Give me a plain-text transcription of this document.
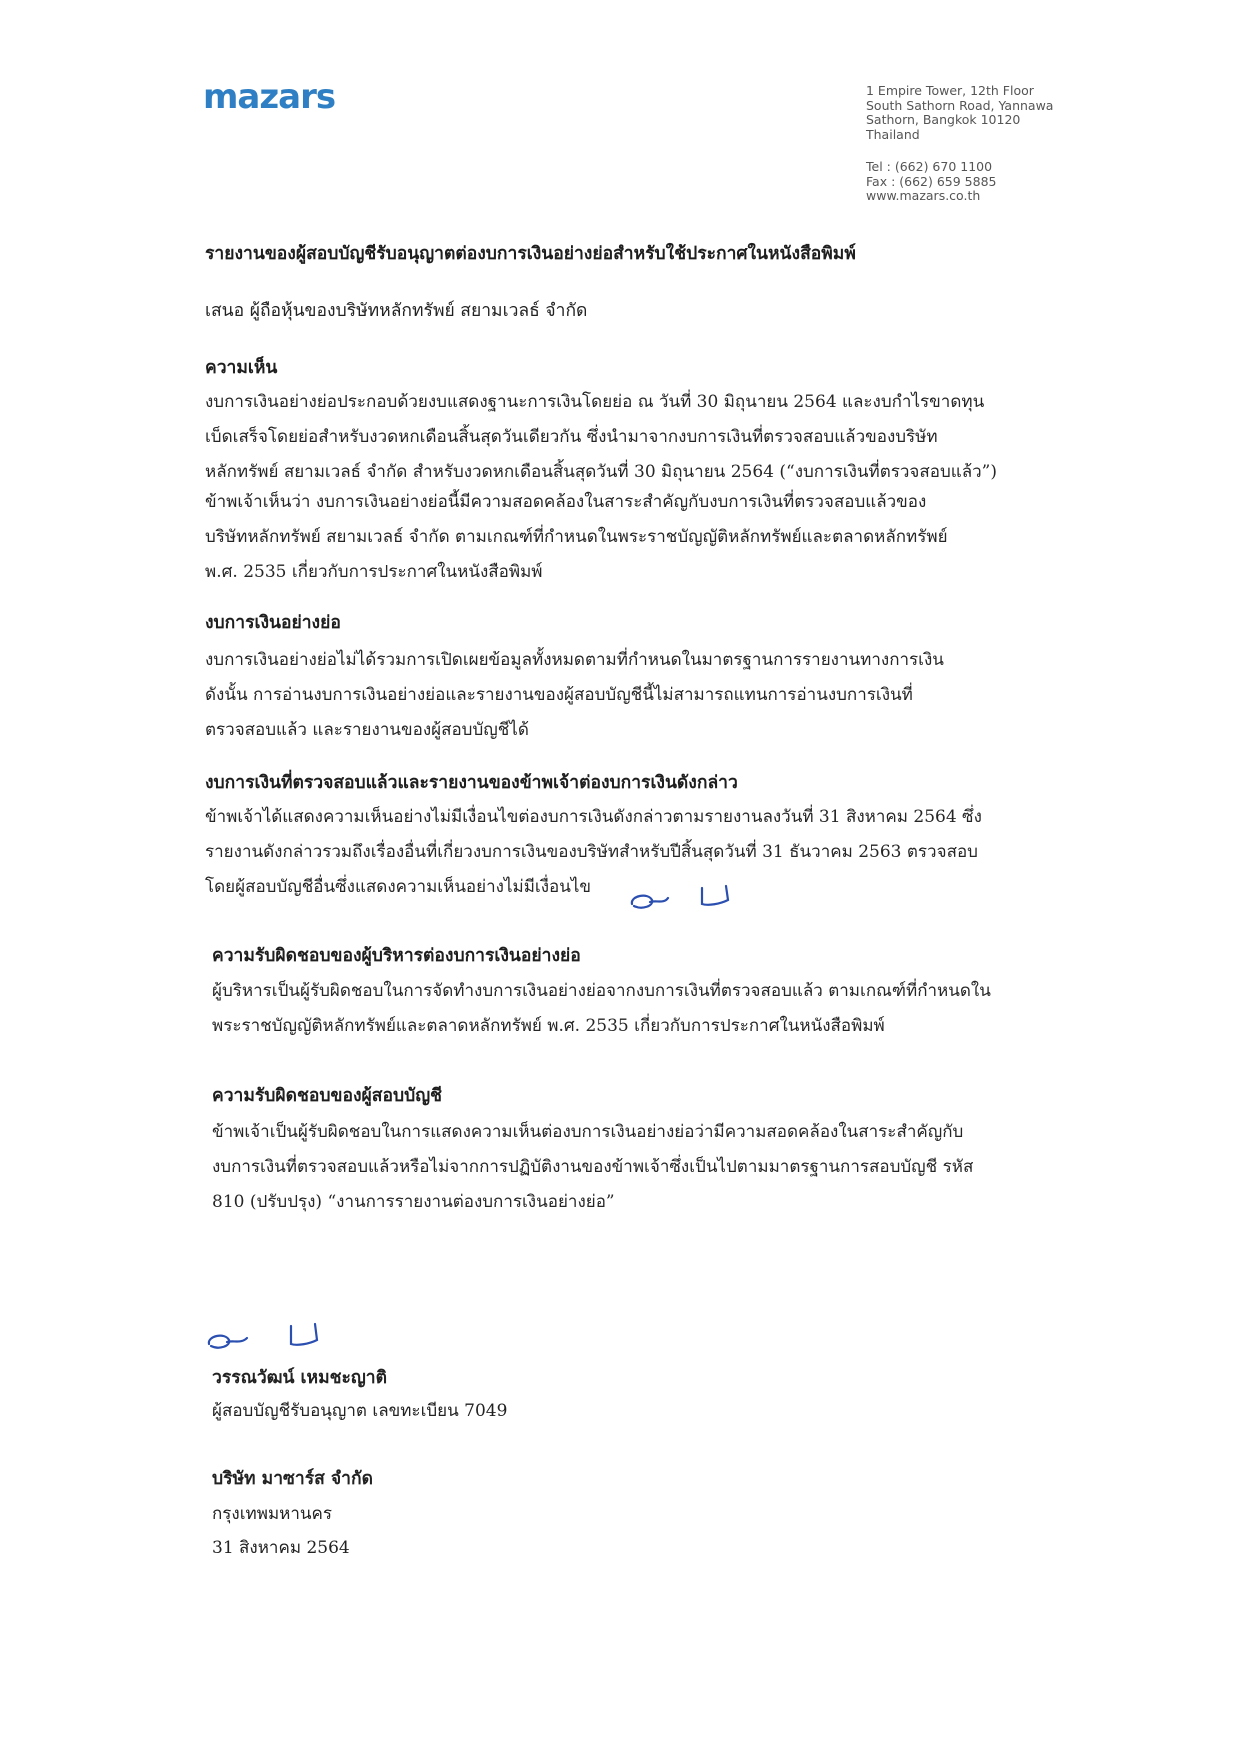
mazars	1 Empire Tower, 12th Floor
South Sathorn Road, Yannawa
Sathorn, Bangkok 10120
Thailand
Tel : (662) 670 1100
Fax : (662) 659 5885
www.mazars.co.th
รายงานของผู้สอบบัญชีรับอนุญาตต่องบการเงินอย่างย่อสำหรับใช้ประกาศในหนังสือพิมพ์
เสนอ ผู้ถือหุ้นของบริษัทหลักทรัพย์ สยามเวลธ์ จำกัด
ความเห็น
งบการเงินอย่างย่อประกอบด้วยงบแสดงฐานะการเงินโดยย่อ ณ วันที่ 30 มิถุนายน 2564 และงบกำไรขาดทุน
เบ็ดเสร็จโดยย่อสำหรับงวดหกเดือนสิ้นสุดวันเดียวกัน ซึ่งนำมาจากงบการเงินที่ตรวจสอบแล้วของบริษัท
หลักทรัพย์ สยามเวลธ์ จำกัด สำหรับงวดหกเดือนสิ้นสุดวันที่ 30 มิถุนายน 2564 (“งบการเงินที่ตรวจสอบแล้ว”)
ข้าพเจ้าเห็นว่า งบการเงินอย่างย่อนี้มีความสอดคล้องในสาระสำคัญกับงบการเงินที่ตรวจสอบแล้วของ
บริษัทหลักทรัพย์ สยามเวลธ์ จำกัด ตามเกณฑ์ที่กำหนดในพระราชบัญญัติหลักทรัพย์และตลาดหลักทรัพย์
พ.ศ. 2535 เกี่ยวกับการประกาศในหนังสือพิมพ์
งบการเงินอย่างย่อ
งบการเงินอย่างย่อไม่ได้รวมการเปิดเผยข้อมูลทั้งหมดตามที่กำหนดในมาตรฐานการรายงานทางการเงิน
ดังนั้น การอ่านงบการเงินอย่างย่อและรายงานของผู้สอบบัญชีนี้ไม่สามารถแทนการอ่านงบการเงินที่
ตรวจสอบแล้ว และรายงานของผู้สอบบัญชีได้
งบการเงินที่ตรวจสอบแล้วและรายงานของข้าพเจ้าต่องบการเงินดังกล่าว
ข้าพเจ้าได้แสดงความเห็นอย่างไม่มีเงื่อนไขต่องบการเงินดังกล่าวตามรายงานลงวันที่ 31 สิงหาคม 2564 ซึ่ง
รายงานดังกล่าวรวมถึงเรื่องอื่นที่เกี่ยวงบการเงินของบริษัทสำหรับปีสิ้นสุดวันที่ 31 ธันวาคม 2563 ตรวจสอบ
โดยผู้สอบบัญชีอื่นซึ่งแสดงความเห็นอย่างไม่มีเงื่อนไข
ความรับผิดชอบของผู้บริหารต่องบการเงินอย่างย่อ
ผู้บริหารเป็นผู้รับผิดชอบในการจัดทำงบการเงินอย่างย่อจากงบการเงินที่ตรวจสอบแล้ว ตามเกณฑ์ที่กำหนดใน
พระราชบัญญัติหลักทรัพย์และตลาดหลักทรัพย์ พ.ศ. 2535 เกี่ยวกับการประกาศในหนังสือพิมพ์
ความรับผิดชอบของผู้สอบบัญชี
ข้าพเจ้าเป็นผู้รับผิดชอบในการแสดงความเห็นต่องบการเงินอย่างย่อว่ามีความสอดคล้องในสาระสำคัญกับ
งบการเงินที่ตรวจสอบแล้วหรือไม่จากการปฏิบัติงานของข้าพเจ้าซึ่งเป็นไปตามมาตรฐานการสอบบัญชี รหัส
810 (ปรับปรุง) “งานการรายงานต่องบการเงินอย่างย่อ”
วรรณวัฒน์ เหมชะญาติ
ผู้สอบบัญชีรับอนุญาต เลขทะเบียน 7049
บริษัท มาซาร์ส จำกัด
กรุงเทพมหานคร
31 สิงหาคม 2564
